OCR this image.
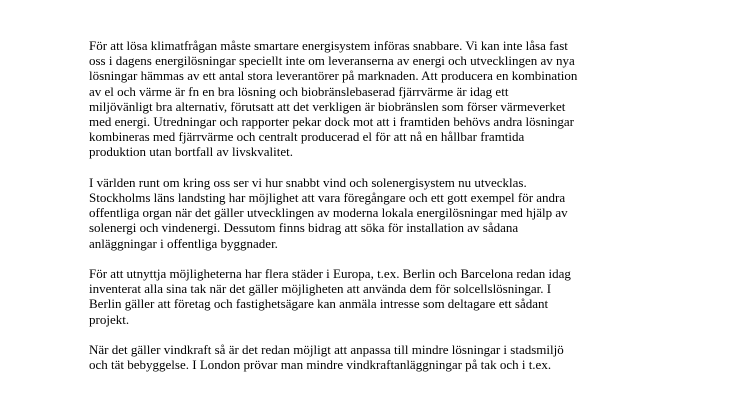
För att lösa klimatfrågan måste smartare energisystem införas snabbare. Vi kan inte låsa fast
oss i dagens energilösningar speciellt inte om leveranserna av energi och utvecklingen av nya
lösningar hämmas av ett antal stora leverantörer på marknaden. Att producera en kombination
av el och värme är fn en bra lösning och biobränslebaserad fjärrvärme är idag ett
miljövänligt bra alternativ, förutsatt att det verkligen är biobränslen som förser värmeverket
med energi. Utredningar och rapporter pekar dock mot att i framtiden behövs andra lösningar
kombineras med fjärrvärme och centralt producerad el för att nå en hållbar framtida
produktion utan bortfall av livskvalitet.

I världen runt om kring oss ser vi hur snabbt vind och solenergisystem nu utvecklas.
Stockholms läns landsting har möjlighet att vara föregångare och ett gott exempel för andra
offentliga organ när det gäller utvecklingen av moderna lokala energilösningar med hjälp av
solenergi och vindenergi. Dessutom finns bidrag att söka för installation av sådana
anläggningar i offentliga byggnader.

För att utnyttja möjligheterna har flera städer i Europa, t.ex. Berlin och Barcelona redan idag
inventerat alla sina tak när det gäller möjligheten att använda dem för solcellslösningar. I
Berlin gäller att företag och fastighetsägare kan anmäla intresse som deltagare ett sådant
projekt.

När det gäller vindkraft så är det redan möjligt att anpassa till mindre lösningar i stadsmiljö
och tät bebyggelse. I London prövar man mindre vindkraftanläggningar på tak och i t.ex.
